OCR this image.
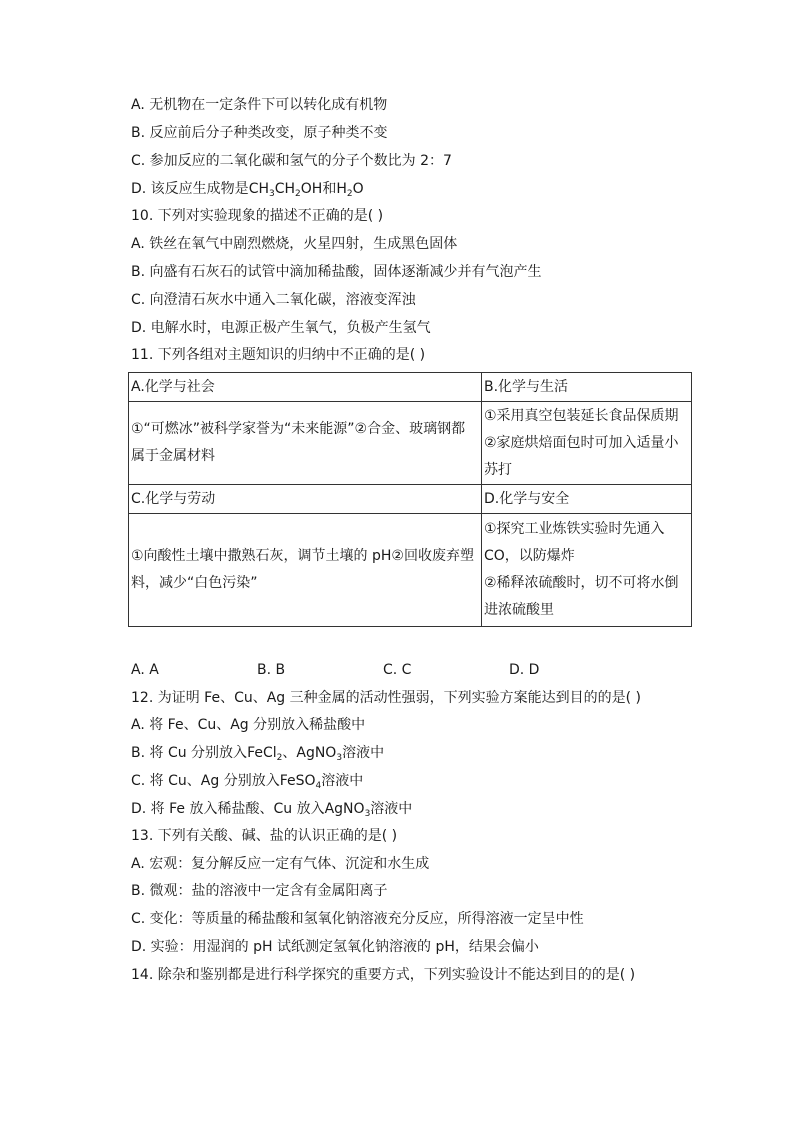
A. 无机物在一定条件下可以转化成有机物
B. 反应前后分子种类改变，原子种类不变
C. 参加反应的二氧化碳和氢气的分子个数比为 2：7
D. 该反应生成物是$CH_3CH_2OH$和$H_2O$
10. 下列对实验现象的描述不正确的是( )
A. 铁丝在氧气中剧烈燃烧，火星四射，生成黑色固体
B. 向盛有石灰石的试管中滴加稀盐酸，固体逐渐减少并有气泡产生
C. 向澄清石灰水中通入二氧化碳，溶液变浑浊
D. 电解水时，电源正极产生氧气，负极产生氢气
11. 下列各组对主题知识的归纳中不正确的是( )
A.化学与社会	B.化学与生活
①“可燃冰”被科学家誉为“未来能源”②合金、玻璃钢都属于金属材料	①采用真空包装延长食品保质期
②家庭烘焙面包时可加入适量小苏打

C.化学与劳动	D.化学与安全
①向酸性土壤中撒熟石灰，调节土壤的 pH②回收废弃塑料，减少“白色污染”	①探究工业炼铁实验时先通入 CO，以防爆炸
②稀释浓硫酸时，切不可将水倒进浓硫酸里
A. A	B. B	C. C	D. D
12. 为证明 Fe、Cu、Ag 三种金属的活动性强弱，下列实验方案能达到目的的是( )
A. 将 Fe、Cu、Ag 分别放入稀盐酸中
B. 将 Cu 分别放入FeCl$_2$、AgNO$_3$溶液中
C. 将 Cu、Ag 分别放入FeSO$_4$溶液中
D. 将 Fe 放入稀盐酸、Cu 放入AgNO$_3$溶液中
13. 下列有关酸、碱、盐的认识正确的是( )
A. 宏观：复分解反应一定有气体、沉淀和水生成
B. 微观：盐的溶液中一定含有金属阳离子
C. 变化：等质量的稀盐酸和氢氧化钠溶液充分反应，所得溶液一定呈中性
D. 实验：用湿润的 pH 试纸测定氢氧化钠溶液的 pH，结果会偏小
14. 除杂和鉴别都是进行科学探究的重要方式，下列实验设计不能达到目的的是( )
